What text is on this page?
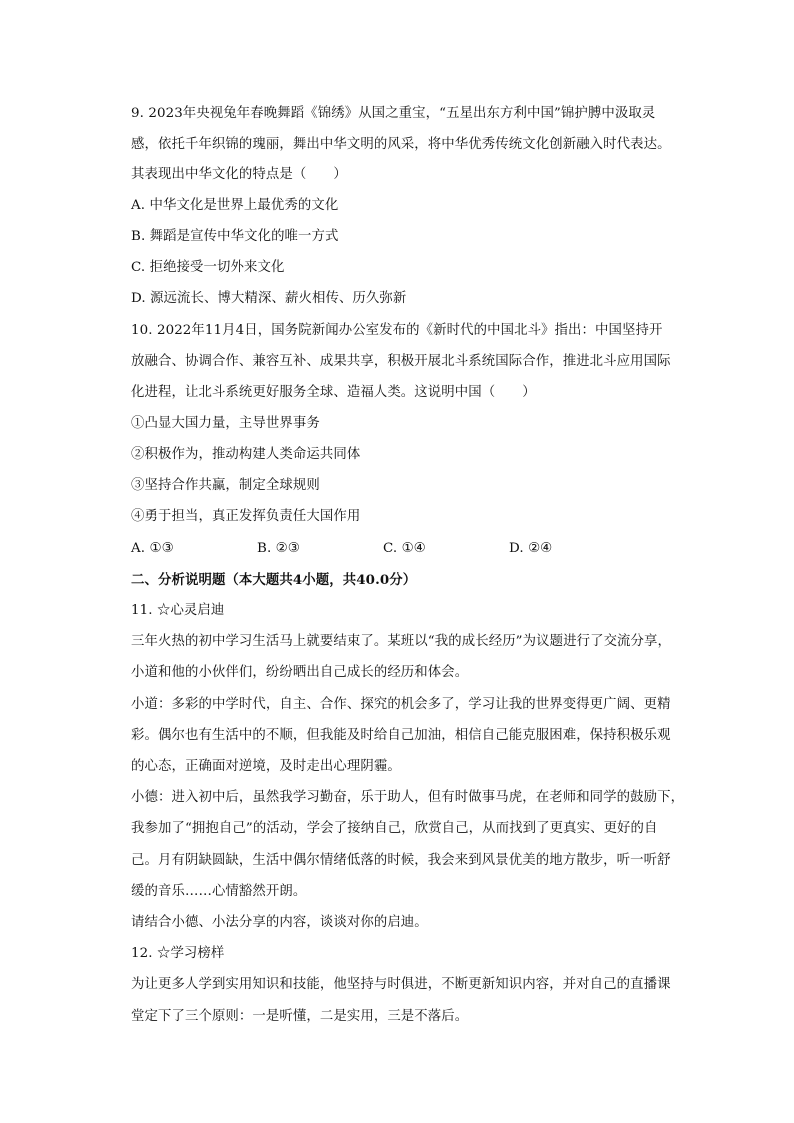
9. 2023年央视兔年春晚舞蹈《锦绣》从国之重宝，“五星出东方利中国”锦护膊中汲取灵
感，依托千年织锦的瑰丽，舞出中华文明的风采，将中华优秀传统文化创新融入时代表达。
其表现出中华文化的特点是（　　）
A. 中华文化是世界上最优秀的文化
B. 舞蹈是宣传中华文化的唯一方式
C. 拒绝接受一切外来文化
D. 源远流长、博大精深、薪火相传、历久弥新
10. 2022年11月4日，国务院新闻办公室发布的《新时代的中国北斗》指出：中国坚持开
放融合、协调合作、兼容互补、成果共享，积极开展北斗系统国际合作，推进北斗应用国际
化进程，让北斗系统更好服务全球、造福人类。这说明中国（　　）
①凸显大国力量，主导世界事务
②积极作为，推动构建人类命运共同体
③坚持合作共赢，制定全球规则
④勇于担当，真正发挥负责任大国作用
A. ①③	B. ②③	C. ①④	D. ②④
二、分析说明题（本大题共4小题，共40.0分）
11. ☆心灵启迪
三年火热的初中学习生活马上就要结束了。某班以“我的成长经历”为议题进行了交流分享，
小道和他的小伙伴们，纷纷晒出自己成长的经历和体会。
小道：多彩的中学时代，自主、合作、探究的机会多了，学习让我的世界变得更广阔、更精
彩。偶尔也有生活中的不顺，但我能及时给自己加油，相信自己能克服困难，保持积极乐观
的心态，正确面对逆境，及时走出心理阴霾。
小德：进入初中后，虽然我学习勤奋，乐于助人，但有时做事马虎，在老师和同学的鼓励下，
我参加了“拥抱自己”的活动，学会了接纳自己，欣赏自己，从而找到了更真实、更好的自
己。月有阴缺圆缺，生活中偶尔情绪低落的时候，我会来到风景优美的地方散步，听一听舒
缓的音乐……心情豁然开朗。
请结合小德、小法分享的内容，谈谈对你的启迪。
12. ☆学习榜样
为让更多人学到实用知识和技能，他坚持与时俱进，不断更新知识内容，并对自己的直播课
堂定下了三个原则：一是听懂，二是实用，三是不落后。
